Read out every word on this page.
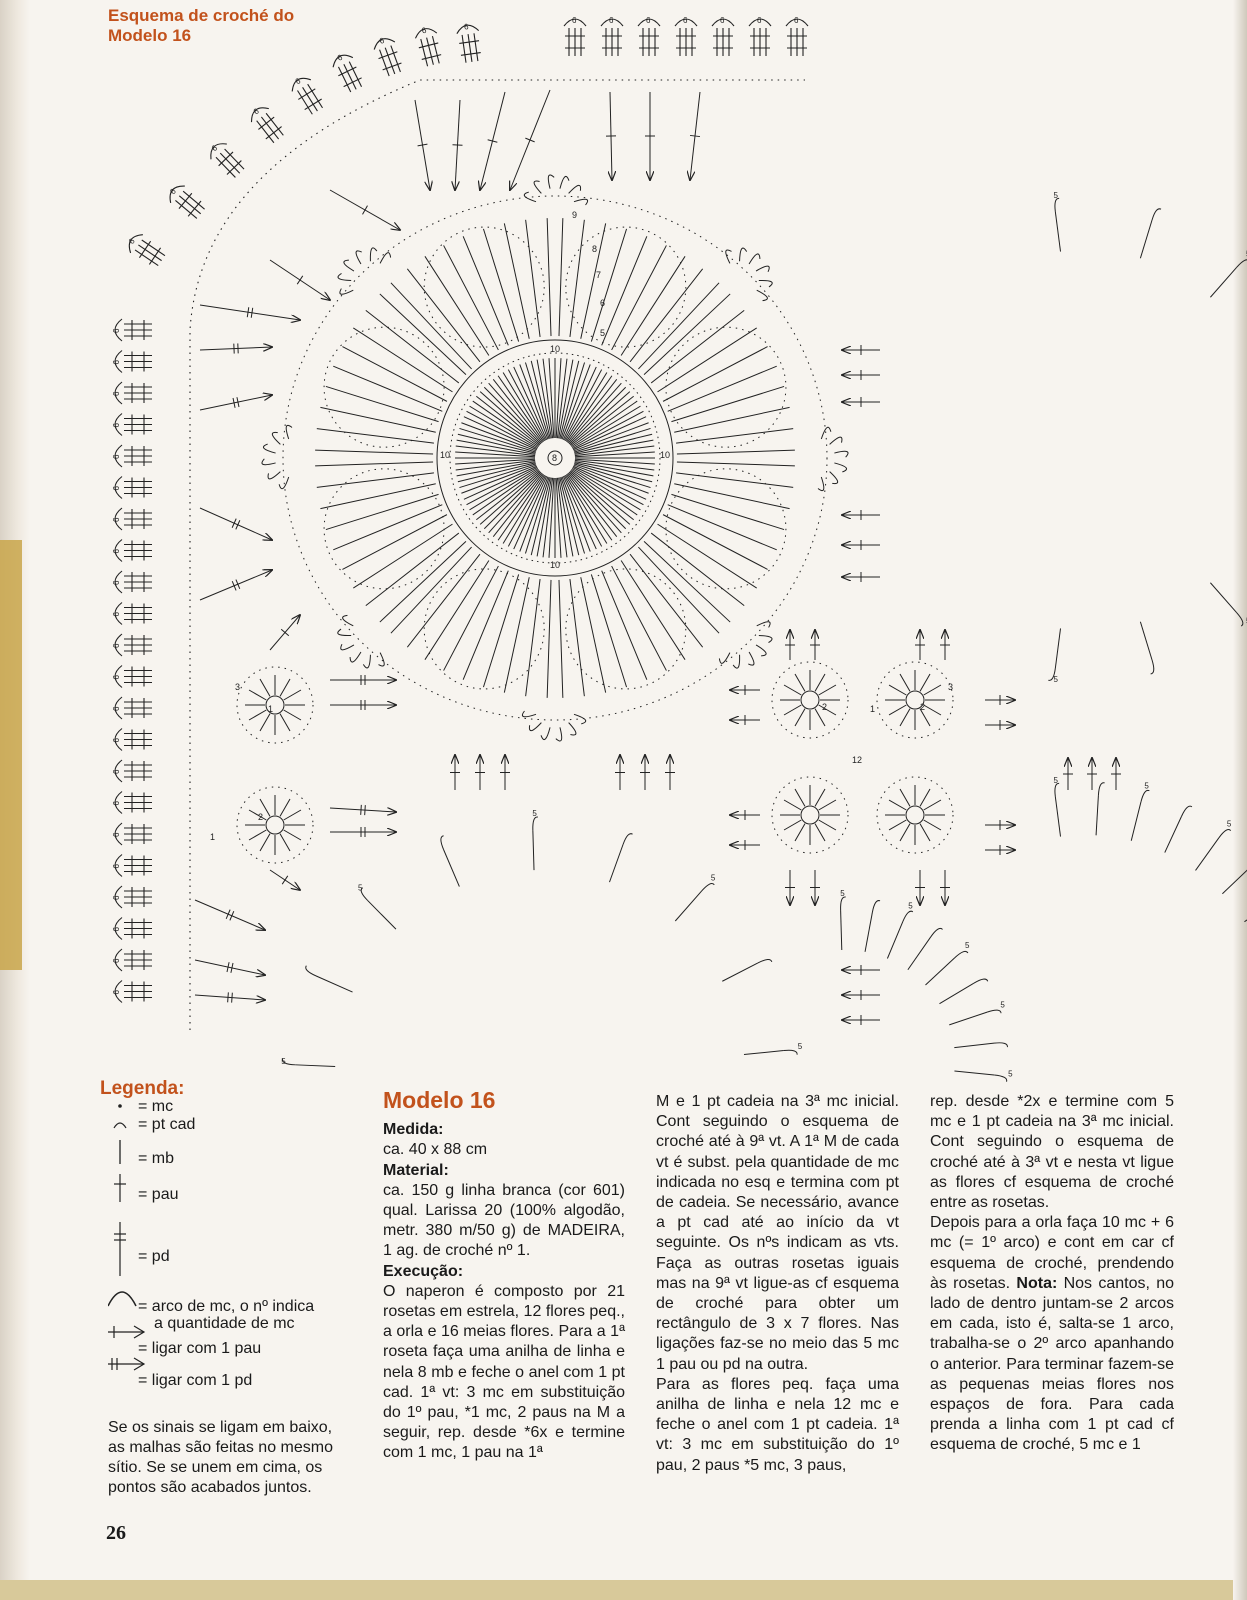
6	6	6	6	6	6	6
6
6
6
6
6
6
6
6
6
6
6
6
6
6
6
6
6
6
6
6
6
6
6
6
6
6
6
6
6
6
6
5
5
5
5
5
5
5
5
5
5
5
5
5
5
5
10
10	10
10
9
8
7
6
5
8
12
3
1
2
1
2	1	2
3
Esquema de croché do
Modelo 16
Legenda:
= mc
= pt cad
= mb
= pau
= pd
= arco de mc, o nº indica
a quantidade de mc
= ligar com 1 pau
= ligar com 1 pd
Se os sinais se ligam em baixo, as malhas são feitas no mesmo sítio. Se se unem em cima, os pontos são acabados juntos.
26
Modelo 16
Medida:

ca. 40 x 88 cm

Material:

ca. 150 g linha branca (cor 601) qual. Larissa 20 (100% algodão, metr. 380 m/50 g) de MADEIRA, 1 ag. de croché nº 1.

Execução:

O naperon é composto por 21 rosetas em estrela, 12 flores peq., a orla e 16 meias flores. Para a 1ª roseta faça uma anilha de linha e nela 8 mb e feche o anel com 1 pt cad. 1ª vt: 3 mc em substituição do 1º pau, *1 mc, 2 paus na M a seguir, rep. desde *6x e termine com 1 mc, 1 pau na 1ª

M e 1 pt cadeia na 3ª mc inicial. Cont seguindo o esquema de croché até à 9ª vt. A 1ª M de cada vt é subst. pela quantidade de mc indicada no esq e termina com pt de cadeia. Se necessário, avance a pt cad até ao início da vt seguinte. Os nºs indicam as vts. Faça as outras rosetas iguais mas na 9ª vt ligue-as cf esquema de croché para obter um rectângulo de 3 x 7 flores. Nas ligações faz-se no meio das 5 mc 1 pau ou pd na outra.

Para as flores peq. faça uma anilha de linha e nela 12 mc e feche o anel com 1 pt cadeia. 1ª vt: 3 mc em substituição do 1º pau, 2 paus *5 mc, 3 paus,

rep. desde *2x e termine com 5 mc e 1 pt cadeia na 3ª mc inicial. Cont seguindo o esquema de croché até à 3ª vt e nesta vt ligue as flores cf esquema de croché entre as rosetas.

Depois para a orla faça 10 mc + 6 mc (= 1º arco) e cont em car cf esquema de croché, prendendo às rosetas. Nota: Nos cantos, no lado de dentro juntam-se 2 arcos em cada, isto é, salta-se 1 arco, trabalha-se o 2º arco apanhando o anterior. Para terminar fazem-se as pequenas meias flores nos espaços de fora. Para cada prenda a linha com 1 pt cad cf esquema de croché, 5 mc e 1
